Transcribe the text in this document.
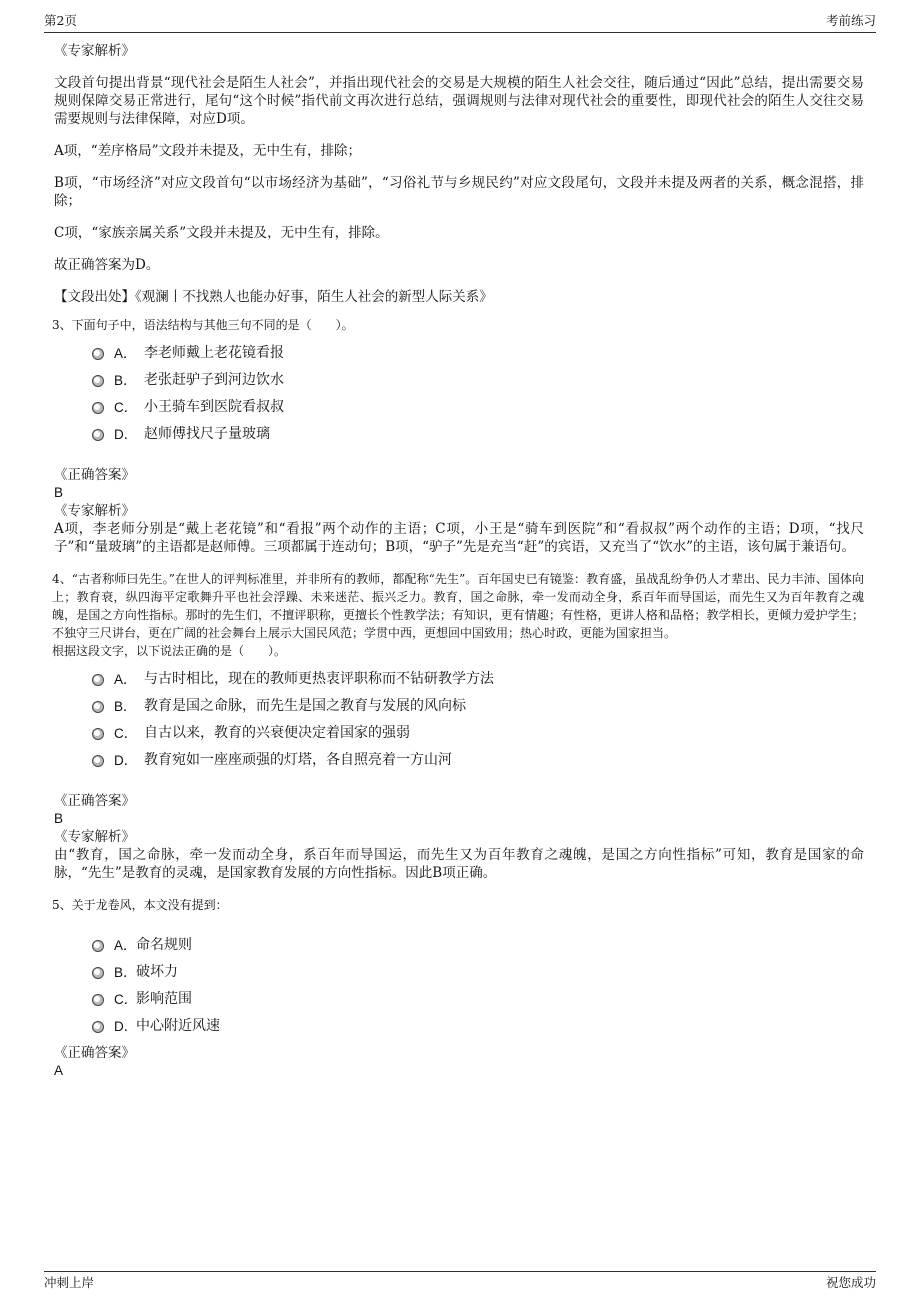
第2页	考前练习

《专家解析》

文段首句提出背景“现代社会是陌生人社会”，并指出现代社会的交易是大规模的陌生人社会交往，随后通过“因此”总结，提出需要交易规则保障交易正常进行，尾句“这个时候”指代前文再次进行总结，强调规则与法律对现代社会的重要性，即现代社会的陌生人交往交易需要规则与法律保障，对应D项。

A项，“差序格局”文段并未提及，无中生有，排除；

B项，“市场经济”对应文段首句“以市场经济为基础”，“习俗礼节与乡规民约”对应文段尾句，文段并未提及两者的关系，概念混搭，排除；

C项，“家族亲属关系”文段并未提及，无中生有，排除。

故正确答案为D。

【文段出处】《观澜丨不找熟人也能办好事，陌生人社会的新型人际关系》

3、下面句子中，语法结构与其他三句不同的是（　　）。

A． 李老师戴上老花镜看报
B． 老张赶驴子到河边饮水
C． 小王骑车到医院看叔叔
D． 赵师傅找尺子量玻璃

《正确答案》

B

《专家解析》

A项，李老师分别是“戴上老花镜”和“看报”两个动作的主语；C项，小王是“骑车到医院”和“看叔叔”两个动作的主语；D项，“找尺子”和“量玻璃”的主语都是赵师傅。三项都属于连动句；B项，“驴子”先是充当“赶”的宾语，又充当了“饮水”的主语，该句属于兼语句。

4、“古者称师曰先生。”在世人的评判标准里，并非所有的教师，都配称“先生”。百年国史已有镜鉴：教育盛，虽战乱纷争仍人才辈出、民力丰沛、国体向上；教育衰，纵四海平定歌舞升平也社会浮躁、未来迷茫、振兴乏力。教育，国之命脉，牵一发而动全身，系百年而导国运，而先生又为百年教育之魂魄，是国之方向性指标。那时的先生们，不擅评职称，更擅长个性教学法；有知识，更有情趣；有性格，更讲人格和品格；教学相长，更倾力爱护学生；不独守三尺讲台，更在广阔的社会舞台上展示大国民风范；学贯中西，更想回中国致用；热心时政，更能为国家担当。

根据这段文字，以下说法正确的是（　　）。

A． 与古时相比，现在的教师更热衷评职称而不钻研教学方法
B． 教育是国之命脉，而先生是国之教育与发展的风向标
C． 自古以来，教育的兴衰便决定着国家的强弱
D． 教育宛如一座座顽强的灯塔，各自照亮着一方山河

《正确答案》

B

《专家解析》

由“教育，国之命脉，牵一发而动全身，系百年而导国运，而先生又为百年教育之魂魄，是国之方向性指标”可知，教育是国家的命脉，“先生”是教育的灵魂，是国家教育发展的方向性指标。因此B项正确。

5、关于龙卷风，本文没有提到：

A． 命名规则
B． 破坏力
C．
影响范围
D．
中心附近风速

《正确答案》

A

冲刺上岸	祝您成功
